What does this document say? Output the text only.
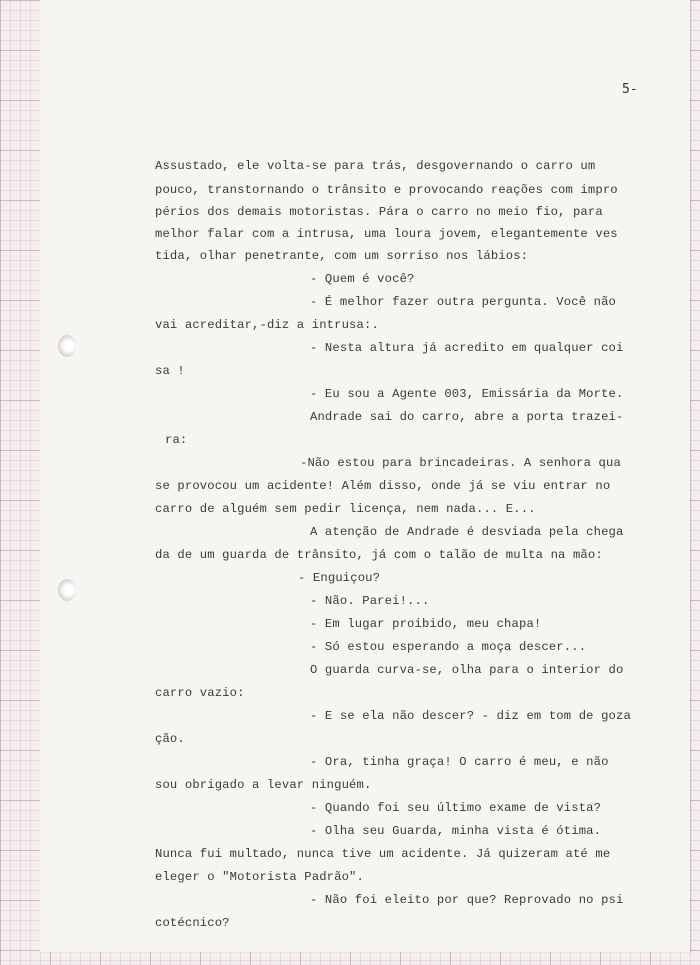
5-
Assustado, ele volta-se para trás, desgovernando o carro um
pouco, transtornando o trânsito e provocando reações com impro
périos dos demais motoristas. Pára o carro no meio fio, para
melhor falar com a intrusa, uma loura jovem, elegantemente ves
tida, olhar penetrante, com um sorriso nos lábios:
- Quem é você?
- É melhor fazer outra pergunta. Você não
vai acreditar,-diz a intrusa:.
- Nesta altura já acredito em qualquer coi
sa !
- Eu sou a Agente 003, Emissária da Morte.
Andrade sai do carro, abre a porta trazei-
ra:
-Não estou para brincadeiras. A senhora qua
se provocou um acidente! Além disso, onde já se viu entrar no
carro de alguém sem pedir licença, nem nada... E...
A atenção de Andrade é desviada pela chega
da de um guarda de trânsito, já com o talão de multa na mão:
- Enguiçou?
- Não. Parei!...
- Em lugar proibido, meu chapa!
- Só estou esperando a moça descer...
O guarda curva-se, olha para o interior do
carro vazio:
- E se ela não descer? - diz em tom de goza
ção.
- Ora, tinha graça! O carro é meu, e não
sou obrigado a levar ninguém.
- Quando foi seu último exame de vista?
- Olha seu Guarda, minha vista é ótima.
Nunca fui multado, nunca tive um acidente. Já quizeram até me
eleger o "Motorista Padrão".
- Não foi eleito por que? Reprovado no psi
cotécnico?
